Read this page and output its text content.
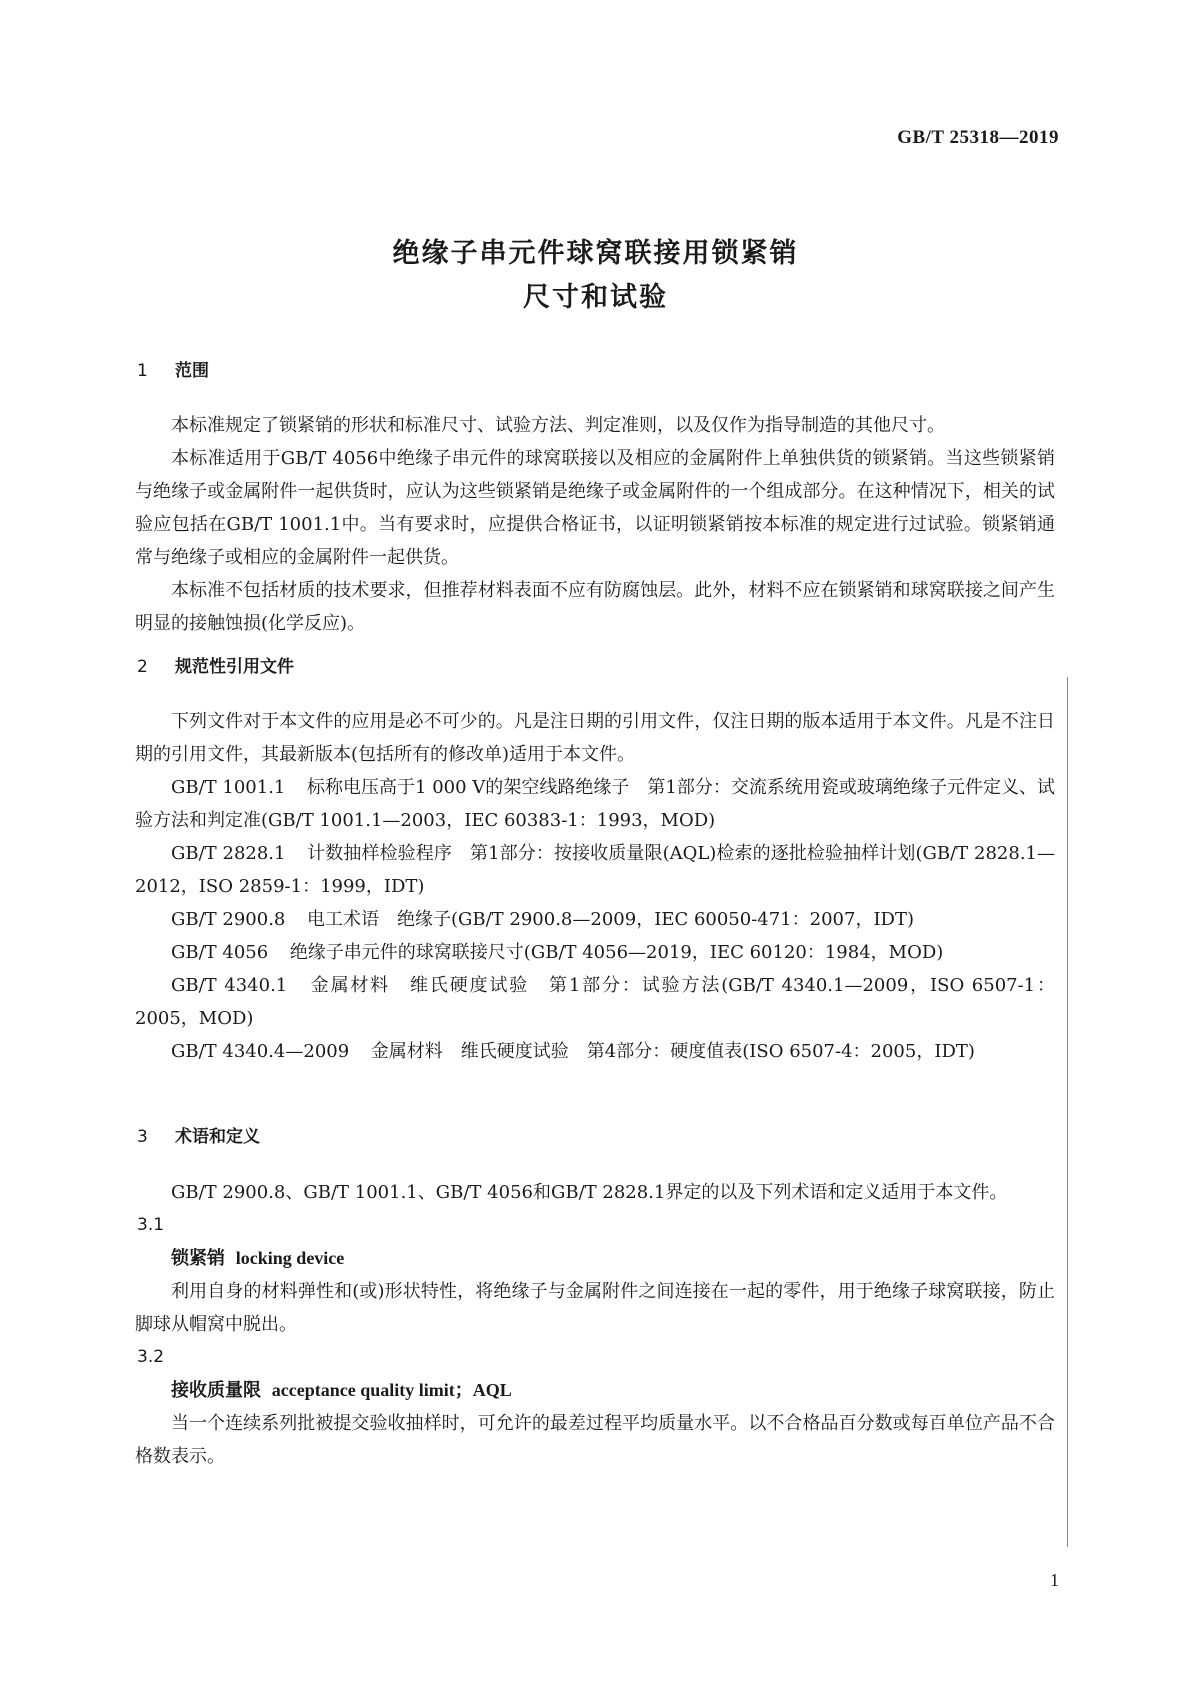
GB/T 25318—2019
绝缘子串元件球窝联接用锁紧销
尺寸和试验
1 范围

本标准规定了锁紧销的形状和标准尺寸、试验方法、判定准则，以及仅作为指导制造的其他尺寸。

本标准适用于GB/T 4056中绝缘子串元件的球窝联接以及相应的金属附件上单独供货的锁紧销。当这些锁紧销与绝缘子或金属附件一起供货时，应认为这些锁紧销是绝缘子或金属附件的一个组成部分。在这种情况下，相关的试验应包括在GB/T 1001.1中。当有要求时，应提供合格证书，以证明锁紧销按本标准的规定进行过试验。锁紧销通常与绝缘子或相应的金属附件一起供货。

本标准不包括材质的技术要求，但推荐材料表面不应有防腐蚀层。此外，材料不应在锁紧销和球窝联接之间产生明显的接触蚀损(化学反应)。

2 规范性引用文件

下列文件对于本文件的应用是必不可少的。凡是注日期的引用文件，仅注日期的版本适用于本文件。凡是不注日期的引用文件，其最新版本(包括所有的修改单)适用于本文件。

GB/T 1001.1 标称电压高于1 000 V的架空线路绝缘子　第1部分：交流系统用瓷或玻璃绝缘子元件定义、试验方法和判定准(GB/T 1001.1—2003，IEC 60383-1：1993，MOD)
GB/T 2828.1 计数抽样检验程序　第1部分：按接收质量限(AQL)检索的逐批检验抽样计划(GB/T 2828.1—2012，ISO 2859-1：1999，IDT)
GB/T 2900.8 电工术语　绝缘子(GB/T 2900.8—2009，IEC 60050-471：2007，IDT)
GB/T 4056 绝缘子串元件的球窝联接尺寸(GB/T 4056—2019，IEC 60120：1984，MOD)
GB/T 4340.1 金属材料　维氏硬度试验　第1部分：试验方法(GB/T 4340.1—2009，ISO 6507-1：2005，MOD)
GB/T 4340.4—2009 金属材料　维氏硬度试验　第4部分：硬度值表(ISO 6507-4：2005，IDT)
3 术语和定义

GB/T 2900.8、GB/T 1001.1、GB/T 4056和GB/T 2828.1界定的以及下列术语和定义适用于本文件。

3.1
锁紧销 locking device

利用自身的材料弹性和(或)形状特性，将绝缘子与金属附件之间连接在一起的零件，用于绝缘子球窝联接，防止脚球从帽窝中脱出。

3.2
接收质量限 acceptance quality limit；AQL

当一个连续系列批被提交验收抽样时，可允许的最差过程平均质量水平。以不合格品百分数或每百单位产品不合格数表示。

1
